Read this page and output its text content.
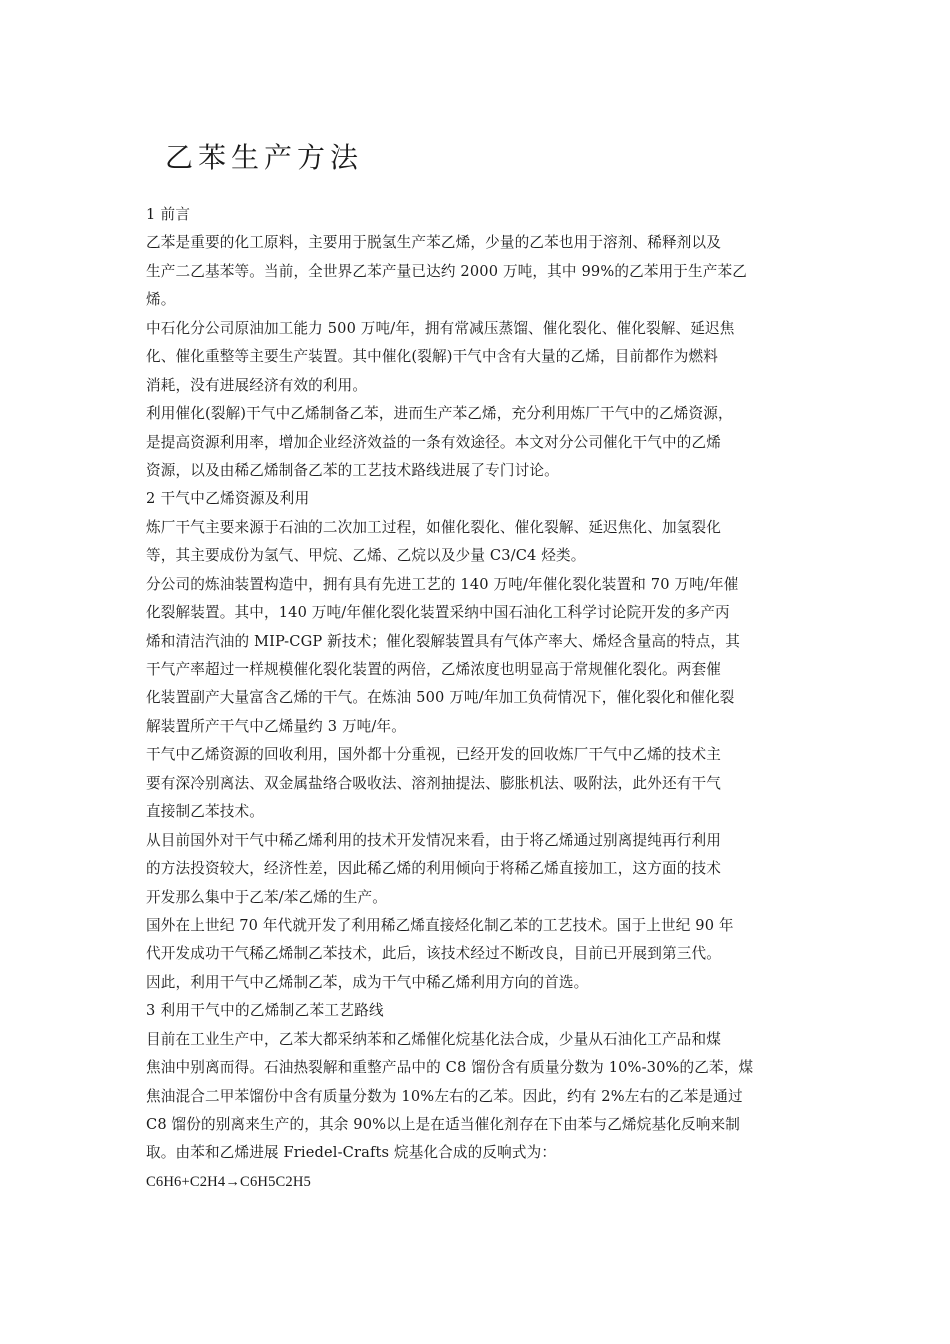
乙苯生产方法
1 前言
乙苯是重要的化工原料，主要用于脱氢生产苯乙烯，少量的乙苯也用于溶剂、稀释剂以及
生产二乙基苯等。当前，全世界乙苯产量已达约 2000 万吨，其中 99%的乙苯用于生产苯乙
烯。
中石化分公司原油加工能力 500 万吨/年，拥有常减压蒸馏、催化裂化、催化裂解、延迟焦
化、催化重整等主要生产装置。其中催化(裂解)干气中含有大量的乙烯，目前都作为燃料
消耗，没有进展经济有效的利用。
利用催化(裂解)干气中乙烯制备乙苯，进而生产苯乙烯，充分利用炼厂干气中的乙烯资源，
是提高资源利用率，增加企业经济效益的一条有效途径。本文对分公司催化干气中的乙烯
资源，以及由稀乙烯制备乙苯的工艺技术路线进展了专门讨论。
2 干气中乙烯资源及利用
炼厂干气主要来源于石油的二次加工过程，如催化裂化、催化裂解、延迟焦化、加氢裂化
等，其主要成份为氢气、甲烷、乙烯、乙烷以及少量 C3/C4 烃类。
分公司的炼油装置构造中，拥有具有先进工艺的 140 万吨/年催化裂化装置和 70 万吨/年催
化裂解装置。其中，140 万吨/年催化裂化装置采纳中国石油化工科学讨论院开发的多产丙
烯和清洁汽油的 MIP-CGP 新技术；催化裂解装置具有气体产率大、烯烃含量高的特点，其
干气产率超过一样规模催化裂化装置的两倍，乙烯浓度也明显高于常规催化裂化。两套催
化装置副产大量富含乙烯的干气。在炼油 500 万吨/年加工负荷情况下，催化裂化和催化裂
解装置所产干气中乙烯量约 3 万吨/年。
干气中乙烯资源的回收利用，国外都十分重视，已经开发的回收炼厂干气中乙烯的技术主
要有深冷别离法、双金属盐络合吸收法、溶剂抽提法、膨胀机法、吸附法，此外还有干气
直接制乙苯技术。
从目前国外对干气中稀乙烯利用的技术开发情况来看，由于将乙烯通过别离提纯再行利用
的方法投资较大，经济性差，因此稀乙烯的利用倾向于将稀乙烯直接加工，这方面的技术
开发那么集中于乙苯/苯乙烯的生产。
国外在上世纪 70 年代就开发了利用稀乙烯直接烃化制乙苯的工艺技术。国于上世纪 90 年
代开发成功干气稀乙烯制乙苯技术，此后，该技术经过不断改良，目前已开展到第三代。
因此，利用干气中乙烯制乙苯，成为干气中稀乙烯利用方向的首选。
3 利用干气中的乙烯制乙苯工艺路线
目前在工业生产中，乙苯大都采纳苯和乙烯催化烷基化法合成，少量从石油化工产品和煤
焦油中别离而得。石油热裂解和重整产品中的 C8 馏份含有质量分数为 10%-30%的乙苯，煤
焦油混合二甲苯馏份中含有质量分数为 10%左右的乙苯。因此，约有 2%左右的乙苯是通过
C8 馏份的别离来生产的，其余 90%以上是在适当催化剂存在下由苯与乙烯烷基化反响来制
取。由苯和乙烯进展 Friedel-Crafts 烷基化合成的反响式为：
C6H6+C2H4→C6H5C2H5
